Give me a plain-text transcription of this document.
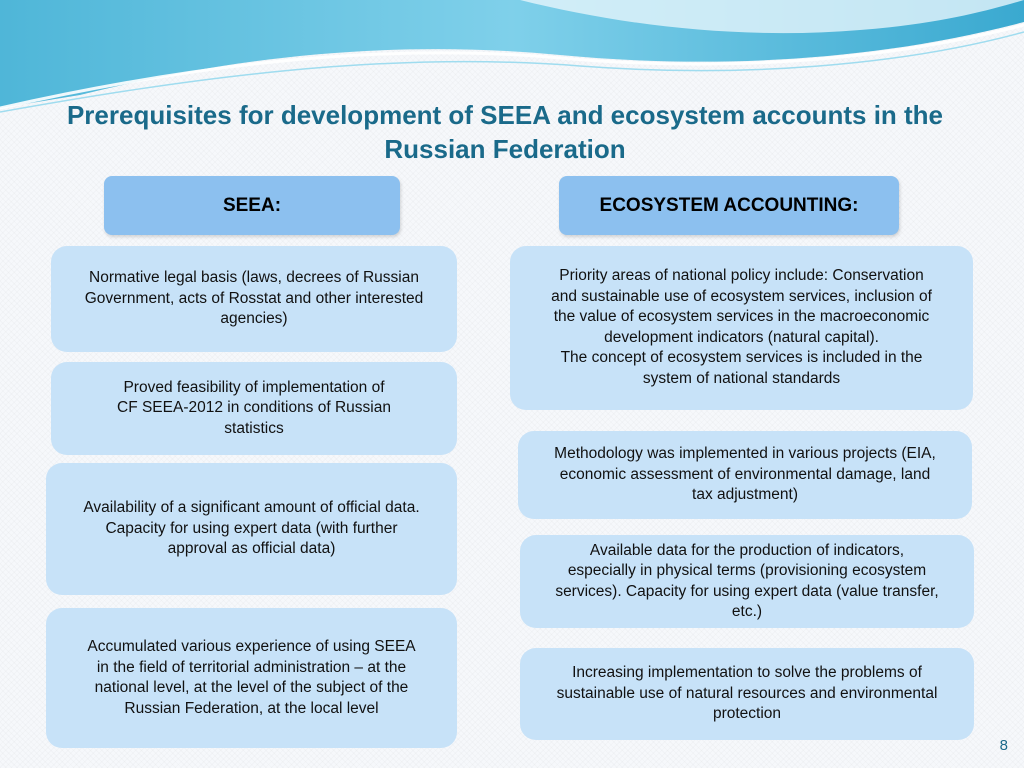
Prerequisites for development of SEEA and ecosystem accounts in the Russian Federation
SEEA:	ECOSYSTEM ACCOUNTING:
Normative legal basis (laws, decrees of Russian
Government, acts of Rosstat and other interested
agencies)
Proved feasibility of implementation of
CF SEEA-2012 in conditions of Russian
statistics
Availability of a significant amount of official data.
Capacity for using expert data (with further
approval as official data)
Accumulated various experience of using SEEA
in the field of territorial administration – at the
national level, at the level of the subject of the
Russian Federation, at the local level
Priority areas of national policy include: Conservation
and sustainable use of ecosystem services, inclusion of
the value of ecosystem services in the macroeconomic
development indicators (natural capital).
The concept of ecosystem services is included in the
system of national standards
Methodology was implemented in various projects (EIA,
economic assessment of environmental damage, land
tax adjustment)
Available data for the production of indicators,
especially in physical terms (provisioning ecosystem
services). Capacity for using expert data (value transfer,
etc.)
Increasing implementation to solve the problems of
sustainable use of natural resources and environmental
protection
8
